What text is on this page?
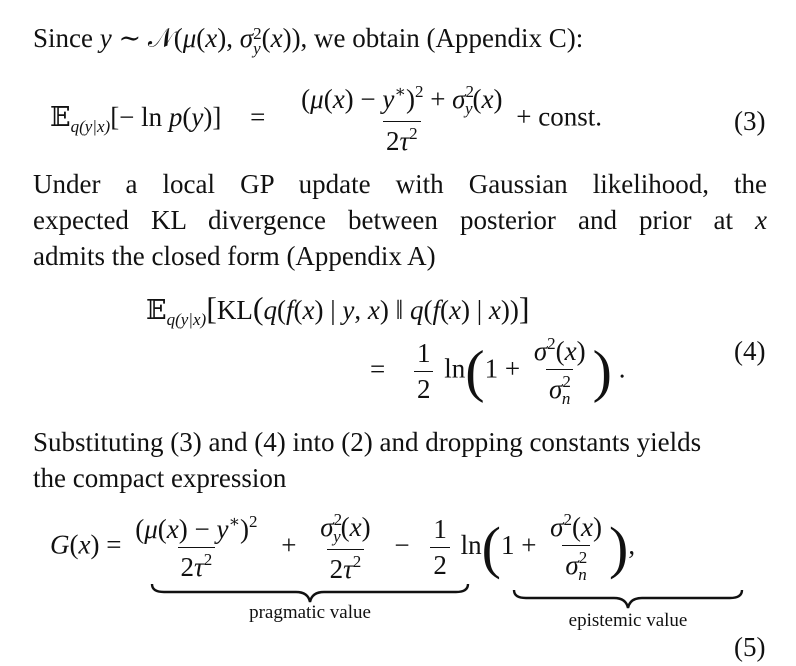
Since y ∼ 𝒩(μ(x), σ 2
y (x)), we obtain (Appendix C):
𝔼$_{q(y|x)}$[− $\ln p(y)] = \frac{(\mu(x) - y^∗)^2 + \sigma^2_y(x)}{2\tau^2}$ + const.	(3)
Under a local GP update with Gaussian likelihood, the
expected KL divergence between posterior and prior at x
admits the closed form (Appendix A)
𝔼$_{q(y|x)}$[KL(q(f(x) | y, x) ‖ q(f(x) | x))]
= $\frac{1}{2} \ln(1 + \frac{\sigma^2(x)}{\sigma^2_n}$ ) .
(4)
Substituting (3) and (4) into (2) and dropping constants yields
the compact expression
$G(x) = \frac{(\mu(x) - y^∗)^2}{2\tau^2} + \frac{\sigma^2_y(x)}{2\tau^2} - \frac{1}{2} \ln(1 + \frac{\sigma^2(x)}{\sigma^2_n}$ ),
pragmatic value	epistemic value
(5)
